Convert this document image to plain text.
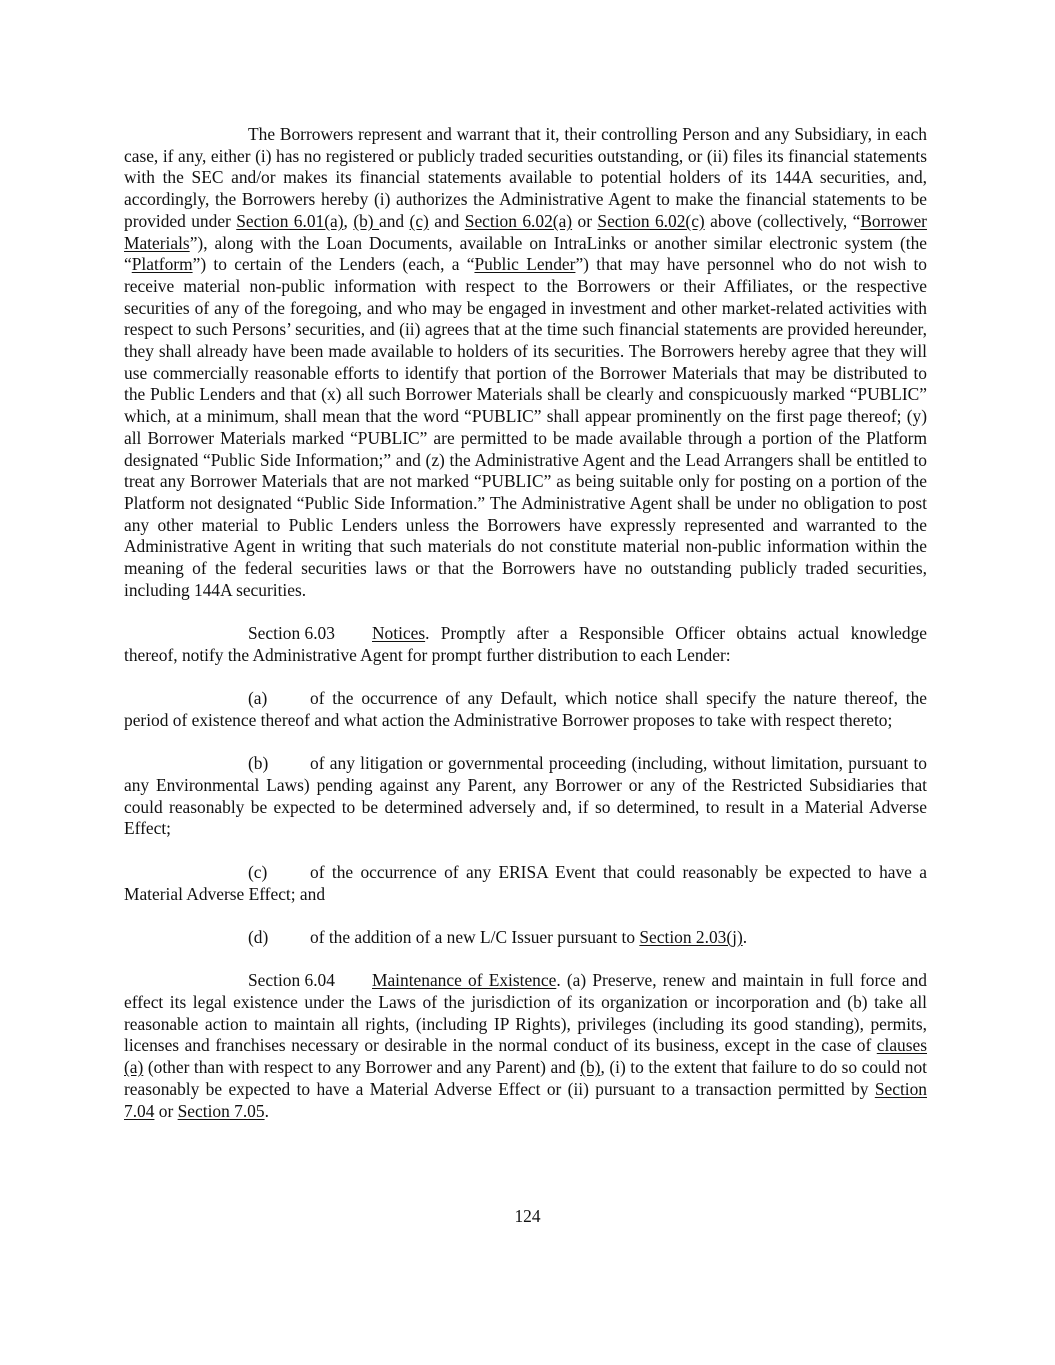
The Borrowers represent and warrant that it, their controlling Person and any Subsidiary, in each case, if any, either (i) has no registered or publicly traded securities outstanding, or (ii) files its financial statements with the SEC and/or makes its financial statements available to potential holders of its 144A securities, and, accordingly, the Borrowers hereby (i) authorizes the Administrative Agent to make the financial statements to be provided under Section 6.01(a), (b) and (c) and Section 6.02(a) or Section 6.02(c) above (collectively, “Borrower Materials”), along with the Loan Documents, available on IntraLinks or another similar electronic system (the “Platform”) to certain of the Lenders (each, a “Public Lender”) that may have personnel who do not wish to receive material non-public information with respect to the Borrowers or their Affiliates, or the respective securities of any of the foregoing, and who may be engaged in investment and other market-related activities with respect to such Persons’ securities, and (ii) agrees that at the time such financial statements are provided hereunder, they shall already have been made available to holders of its securities. The Borrowers hereby agree that they will use commercially reasonable efforts to identify that portion of the Borrower Materials that may be distributed to the Public Lenders and that (x) all such Borrower Materials shall be clearly and conspicuously marked “PUBLIC” which, at a minimum, shall mean that the word “PUBLIC” shall appear prominently on the first page thereof; (y) all Borrower Materials marked “PUBLIC” are permitted to be made available through a portion of the Platform designated “Public Side Information;” and (z) the Administrative Agent and the Lead Arrangers shall be entitled to treat any Borrower Materials that are not marked “PUBLIC” as being suitable only for posting on a portion of the Platform not designated “Public Side Information.” The Administrative Agent shall be under no obligation to post any other material to Public Lenders unless the Borrowers have expressly represented and warranted to the Administrative Agent in writing that such materials do not constitute material non-public information within the meaning of the federal securities laws or that the Borrowers have no outstanding publicly traded securities, including 144A securities.

Section 6.03 Notices. Promptly after a Responsible Officer obtains actual knowledge thereof, notify the Administrative Agent for prompt further distribution to each Lender:

(a) of the occurrence of any Default, which notice shall specify the nature thereof, the period of existence thereof and what action the Administrative Borrower proposes to take with respect thereto;

(b) of any litigation or governmental proceeding (including, without limitation, pursuant to any Environmental Laws) pending against any Parent, any Borrower or any of the Restricted Subsidiaries that could reasonably be expected to be determined adversely and, if so determined, to result in a Material Adverse Effect;

(c) of the occurrence of any ERISA Event that could reasonably be expected to have a Material Adverse Effect; and

(d) of the addition of a new L/C Issuer pursuant to Section 2.03(j).

Section 6.04 Maintenance of Existence. (a) Preserve, renew and maintain in full force and effect its legal existence under the Laws of the jurisdiction of its organization or incorporation and (b) take all reasonable action to maintain all rights, (including IP Rights), privileges (including its good standing), permits, licenses and franchises necessary or desirable in the normal conduct of its business, except in the case of clauses (a) (other than with respect to any Borrower and any Parent) and (b), (i) to the extent that failure to do so could not reasonably be expected to have a Material Adverse Effect or (ii) pursuant to a transaction permitted by Section 7.04 or Section 7.05.

124
